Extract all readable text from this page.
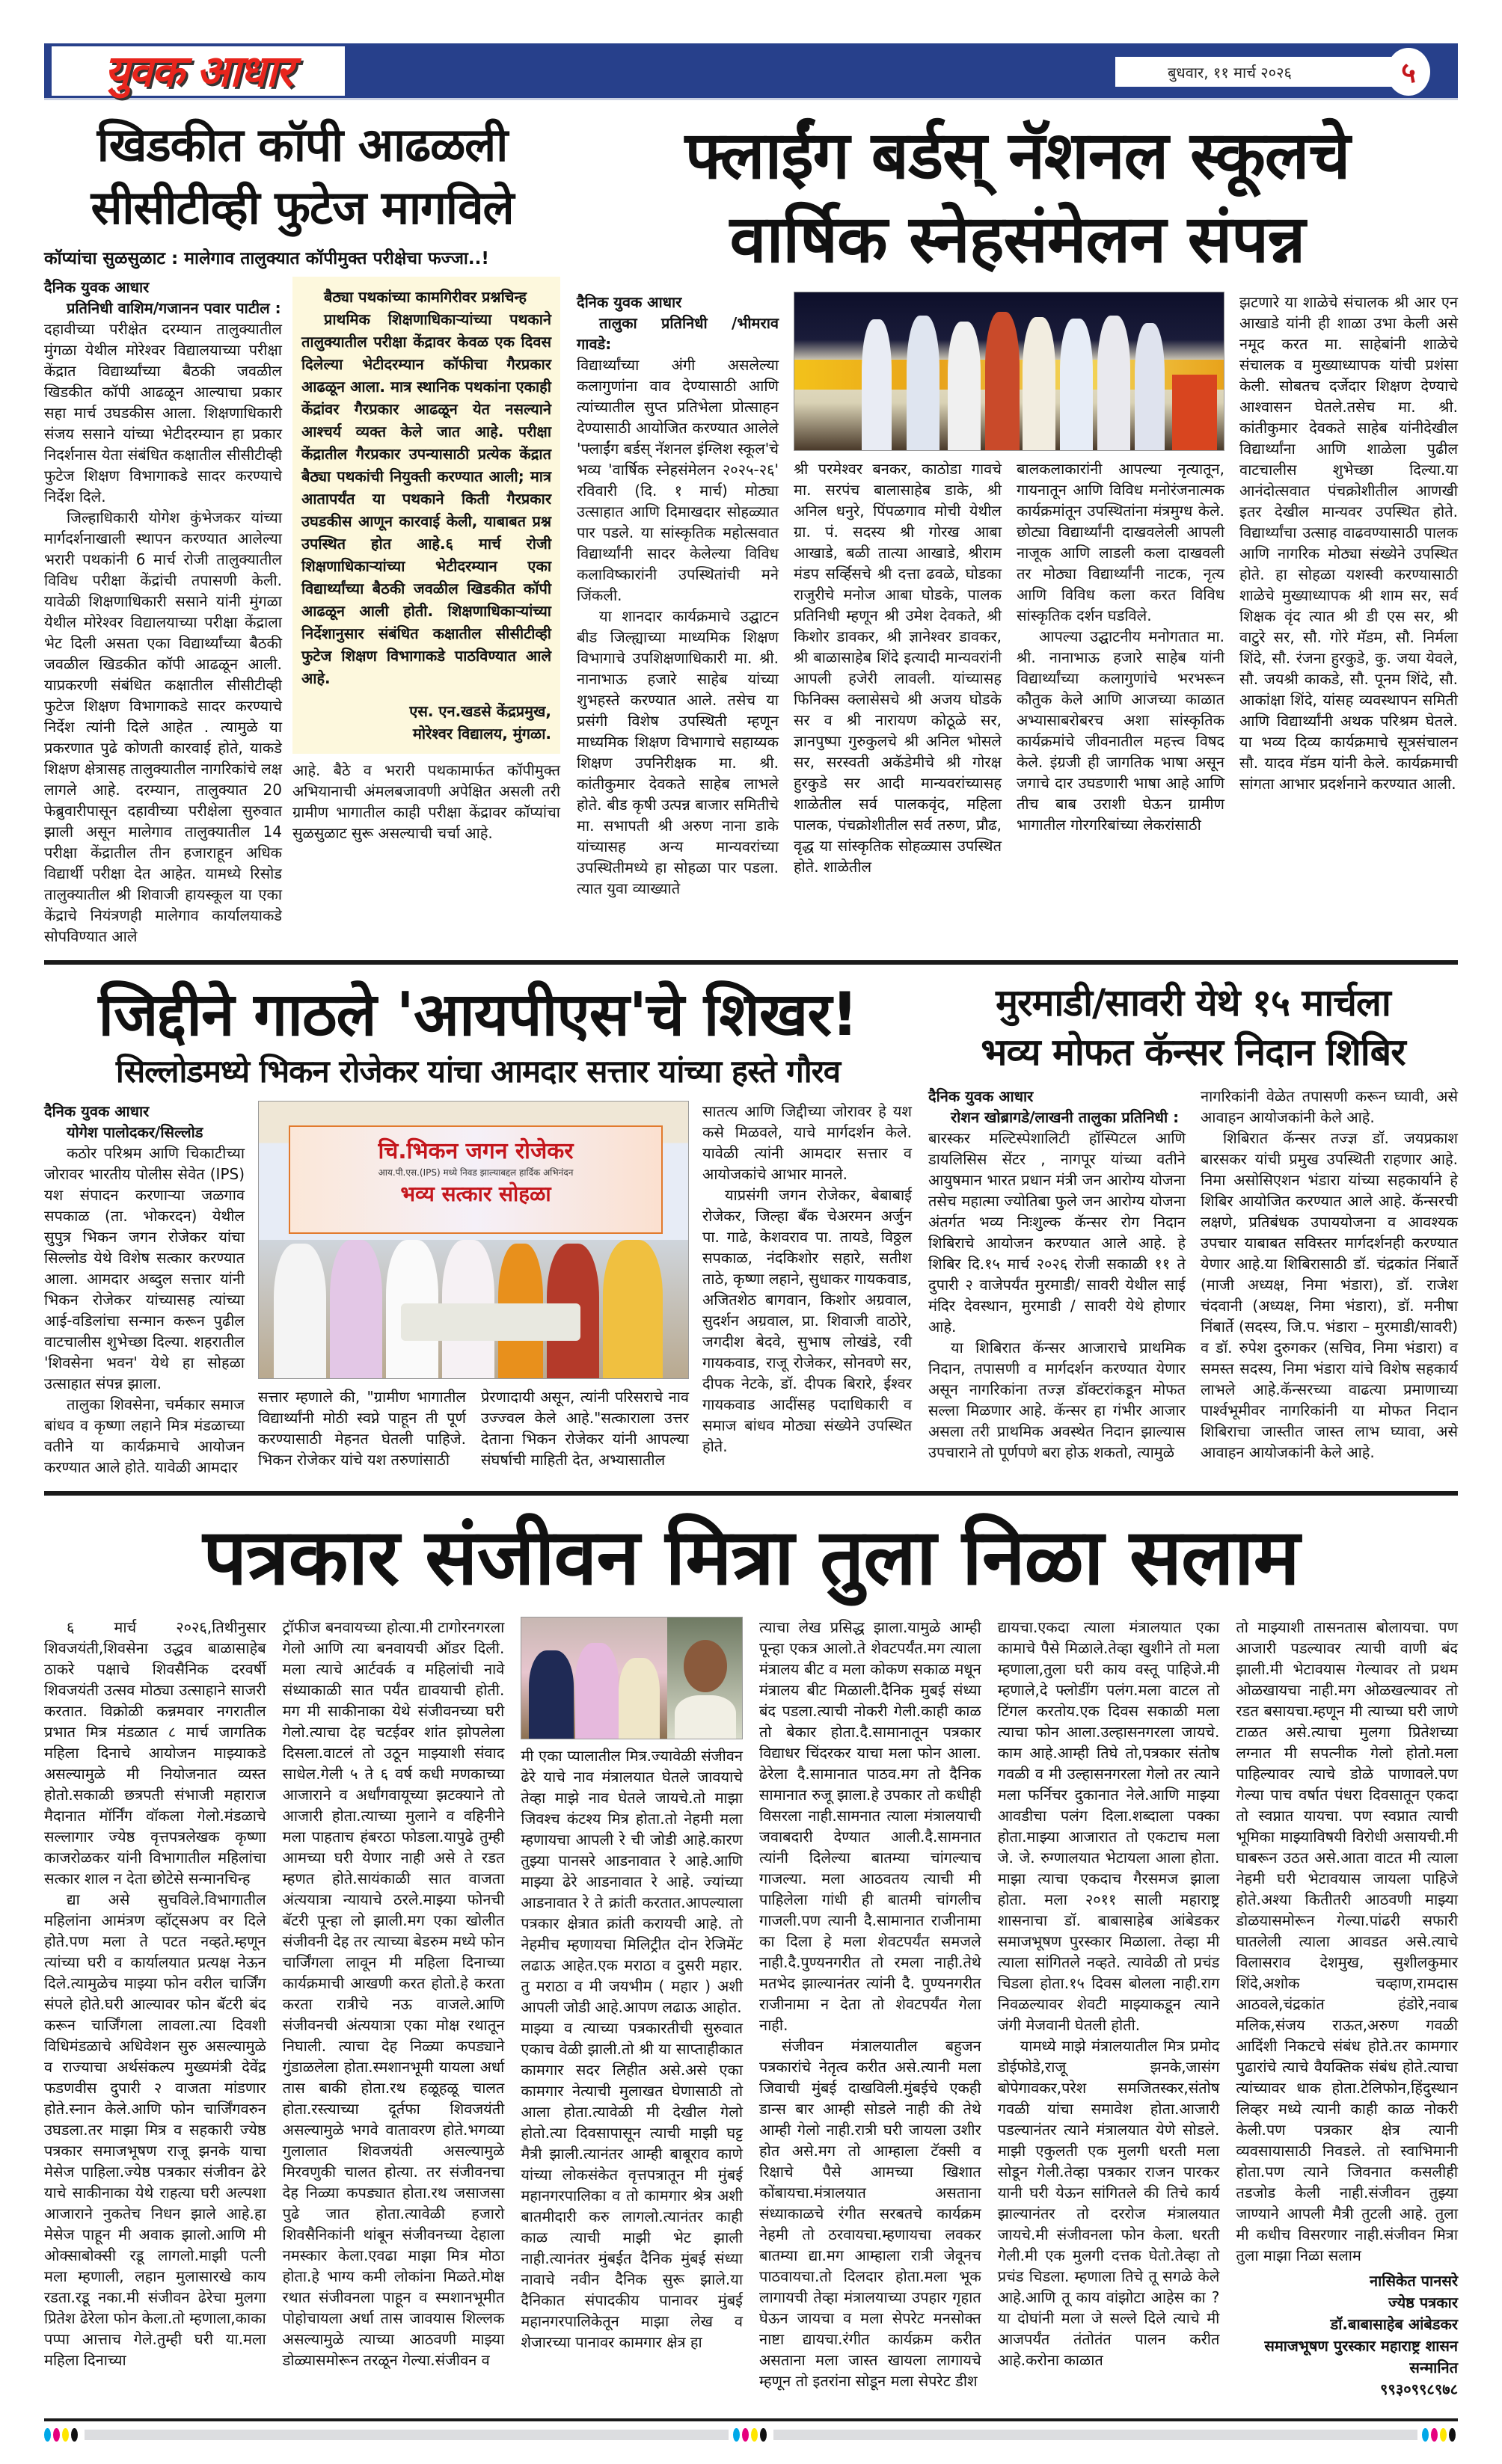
युवक आधार	बुधवार, ११ मार्च २०२६	५
खिडकीत कॉपी आढळली
सीसीटीव्ही फुटेज मागविले
कॉप्यांचा सुळसुळाट : मालेगाव तालुक्यात कॉपीमुक्त परीक्षेचा फज्जा..!

दैनिक युवक आधार

प्रतिनिधी वाशिम/गजानन पवार पाटील :

दहावीच्या परीक्षेत दरम्यान तालुक्यातील मुंगळा येथील मोरेश्वर विद्यालयाच्या परीक्षा केंद्रात विद्यार्थ्यांच्या बैठकी जवळील खिडकीत कॉपी आढळून आल्याचा प्रकार सहा मार्च उघडकीस आला. शिक्षणाधिकारी संजय ससाने यांच्या भेटीदरम्यान हा प्रकार निदर्शनास येता संबंधित कक्षातील सीसीटीव्ही फुटेज शिक्षण विभागाकडे सादर करण्याचे निर्देश दिले.

जिल्हाधिकारी योगेश कुंभेजकर यांच्या मार्गदर्शनाखाली स्थापन करण्यात आलेल्या भरारी पथकांनी 6 मार्च रोजी तालुक्यातील विविध परीक्षा केंद्रांची तपासणी केली. यावेळी शिक्षणाधिकारी ससाने यांनी मुंगळा येथील मोरेश्वर विद्यालयाच्या परीक्षा केंद्राला भेट दिली असता एका विद्यार्थ्यांच्या बैठकी जवळील खिडकीत कॉपी आढळून आली. याप्रकरणी संबंधित कक्षातील सीसीटीव्ही फुटेज शिक्षण विभागाकडे सादर करण्याचे निर्देश त्यांनी दिले आहेत . त्यामुळे या प्रकरणात पुढे कोणती कारवाई होते, याकडे शिक्षण क्षेत्रासह तालुक्यातील नागरिकांचे लक्ष लागले आहे. दरम्यान, तालुक्यात 20 फेब्रुवारीपासून दहावीच्या परीक्षेला सुरुवात झाली असून मालेगाव तालुक्यातील 14 परीक्षा केंद्रातील तीन हजाराहून अधिक विद्यार्थी परीक्षा देत आहेत. यामध्ये रिसोड तालुक्यातील श्री शिवाजी हायस्कूल या एका केंद्राचे नियंत्रणही मालेगाव कार्यालयाकडे सोपविण्यात आले

बैठ्या पथकांच्या कामगिरीवर प्रश्नचिन्ह

प्राथमिक शिक्षणाधिकाऱ्यांच्या पथकाने तालुक्यातील परीक्षा केंद्रावर केवळ एक दिवस दिलेल्या भेटीदरम्यान कॉफीचा गैरप्रकार आढळून आला. मात्र स्थानिक पथकांना एकाही केंद्रांवर गैरप्रकार आढळून येत नसल्याने आश्चर्य व्यक्त केले जात आहे. परीक्षा केंद्रातील गैरप्रकार उपन्यासाठी प्रत्येक केंद्रात बैठ्या पथकांची नियुक्ती करण्यात आली; मात्र आतापर्यंत या पथकाने किती गैरप्रकार उघडकीस आणून कारवाई केली, याबाबत प्रश्न उपस्थित होत आहे.६ मार्च रोजी शिक्षणाधिकाऱ्यांच्या भेटीदरम्यान एका विद्यार्थ्यांच्या बैठकी जवळील खिडकीत कॉपी आढळून आली होती. शिक्षणाधिकाऱ्यांच्या निर्देशानुसार संबंधित कक्षातील सीसीटीव्ही फुटेज शिक्षण विभागाकडे पाठविण्यात आले आहे.

एस. एन.खडसे केंद्रप्रमुख,
मोरेश्वर विद्यालय, मुंगळा.

आहे. बैठे व भरारी पथकामार्फत कॉपीमुक्त अभियानाची अंमलबजावणी अपेक्षित असली तरी ग्रामीण भागातील काही परीक्षा केंद्रावर कॉप्यांचा सुळसुळाट सुरू असल्याची चर्चा आहे.

फ्लाईंग बर्डस् नॅशनल स्कूलचे
वार्षिक स्नेहसंमेलन संपन्न

दैनिक युवक आधार

तालुका प्रतिनिधी /भीमराव गावडे:

विद्यार्थ्यांच्या अंगी असलेल्या कलागुणांना वाव देण्यासाठी आणि त्यांच्यातील सुप्त प्रतिभेला प्रोत्साहन देण्यासाठी आयोजित करण्यात आलेले 'फ्लाईंग बर्डस् नॅशनल इंग्लिश स्कूल'चे भव्य 'वार्षिक स्नेहसंमेलन २०२५-२६' रविवारी (दि. १ मार्च) मोठ्या उत्साहात आणि दिमाखदार सोहळ्यात पार पडले. या सांस्कृतिक महोत्सवात विद्यार्थ्यांनी सादर केलेल्या विविध कलाविष्कारांनी उपस्थितांची मने जिंकली.

या शानदार कार्यक्रमाचे उद्घाटन बीड जिल्ह्याच्या माध्यमिक शिक्षण विभागाचे उपशिक्षणाधिकारी मा. श्री. नानाभाऊ हजारे साहेब यांच्या शुभहस्ते करण्यात आले. तसेच या प्रसंगी विशेष उपस्थिती म्हणून माध्यमिक शिक्षण विभागाचे सहाय्यक शिक्षण उपनिरीक्षक मा. श्री. कांतीकुमार देवकते साहेब लाभले होते. बीड कृषी उत्पन्न बाजार समितीचे मा. सभापती श्री अरुण नाना डाके यांच्यासह अन्य मान्यवरांच्या उपस्थितीमध्ये हा सोहळा पार पडला. त्यात युवा व्याख्याते

श्री परमेश्वर बनकर, काठोडा गावचे मा. सरपंच बालासाहेब डाके, श्री अनिल धनुरे, पिंपळगाव मोची येथील ग्रा. पं. सदस्य श्री गोरख आबा आखाडे, बळी तात्या आखाडे, श्रीराम मंडप सर्व्हिसचे श्री दत्ता ढवळे, घोडका राजुरीचे मनोज आबा घोडके, पालक प्रतिनिधी म्हणून श्री उमेश देवकते, श्री किशोर डावकर, श्री ज्ञानेश्वर डावकर, श्री बाळासाहेब शिंदे इत्यादी मान्यवरांनी आपली हजेरी लावली. यांच्यासह फिनिक्स क्लासेसचे श्री अजय घोडके सर व श्री नारायण कोठूळे सर, ज्ञानपुष्पा गुरुकुलचे श्री अनिल भोसले सर, सरस्वती अकॅडेमीचे श्री गोरक्ष हुरकुडे सर आदी मान्यवरांच्यासह शाळेतील सर्व पालकवृंद, महिला पालक, पंचक्रोशीतील सर्व तरुण, प्रौढ, वृद्ध या सांस्कृतिक सोहळ्यास उपस्थित होते. शाळेतील

बालकलाकारांनी आपल्या नृत्यातून, गायनातून आणि विविध मनोरंजनात्मक कार्यक्रमांतून उपस्थितांना मंत्रमुग्ध केले. छोट्या विद्यार्थ्यांनी दाखवलेली आपली नाजूक आणि लाडली कला दाखवली तर मोठ्या विद्यार्थ्यांनी नाटक, नृत्य आणि विविध कला करत विविध सांस्कृतिक दर्शन घडविले.

आपल्या उद्घाटनीय मनोगतात मा. श्री. नानाभाऊ हजारे साहेब यांनी विद्यार्थ्यांच्या कलागुणांचे भरभरून कौतुक केले आणि आजच्या काळात अभ्यासाबरोबरच अशा सांस्कृतिक कार्यक्रमांचे जीवनातील महत्त्व विषद केले. इंग्रजी ही जागतिक भाषा असून जगाचे दार उघडणारी भाषा आहे आणि तीच बाब उराशी घेऊन ग्रामीण भागातील गोरगरिबांच्या लेकरांसाठी

झटणारे या शाळेचे संचालक श्री आर एन आखाडे यांनी ही शाळा उभा केली असे नमूद करत मा. साहेबांनी शाळेचे संचालक व मुख्याध्यापक यांची प्रशंसा केली. सोबतच दर्जेदार शिक्षण देण्याचे आश्वासन घेतले.तसेच मा. श्री. कांतीकुमार देवकते साहेब यांनीदेखील विद्यार्थ्यांना आणि शाळेला पुढील वाटचालीस शुभेच्छा दिल्या.या आनंदोत्सवात पंचक्रोशीतील आणखी इतर देखील मान्यवर उपस्थित होते. विद्यार्थ्यांचा उत्साह वाढवण्यासाठी पालक आणि नागरिक मोठ्या संख्येने उपस्थित होते. हा सोहळा यशस्वी करण्यासाठी शाळेचे मुख्याध्यापक श्री शाम सर, सर्व शिक्षक वृंद त्यात श्री डी एस सर, श्री वाटुरे सर, सौ. गोरे मॅडम, सौ. निर्मला शिंदे, सौ. रंजना हुरकुडे, कु. जया येवले, सौ. जयश्री काकडे, सौ. पूनम शिंदे, सौ. आकांक्षा शिंदे, यांसह व्यवस्थापन समिती आणि विद्यार्थ्यांनी अथक परिश्रम घेतले. या भव्य दिव्य कार्यक्रमाचे सूत्रसंचालन सौ. यादव मॅडम यांनी केले. कार्यक्रमाची सांगता आभार प्रदर्शनाने करण्यात आली.

जिद्दीने गाठले 'आयपीएस'चे शिखर!
सिल्लोडमध्ये भिकन रोजेकर यांचा आमदार सत्तार यांच्या हस्ते गौरव

दैनिक युवक आधार

योगेश पालोदकर/सिल्लोड

कठोर परिश्रम आणि चिकाटीच्या जोरावर भारतीय पोलीस सेवेत (IPS) यश संपादन करणाऱ्या जळगाव सपकाळ (ता. भोकरदन) येथील सुपुत्र भिकन जगन रोजेकर यांचा सिल्लोड येथे विशेष सत्कार करण्यात आला. आमदार अब्दुल सत्तार यांनी भिकन रोजेकर यांच्यासह त्यांच्या आई-वडिलांचा सन्मान करून पुढील वाटचालीस शुभेच्छा दिल्या. शहरातील 'शिवसेना भवन' येथे हा सोहळा उत्साहात संपन्न झाला.

तालुका शिवसेना, चर्मकार समाज बांधव व कृष्णा लहाने मित्र मंडळाच्या वतीने या कार्यक्रमाचे आयोजन करण्यात आले होते. यावेळी आमदार

चि.भिकन जगन रोजेकर
आय.पी.एस.(IPS) मध्ये निवड झाल्याबद्दल हार्दिक अभिनंदन
भव्य सत्कार सोहळा

सत्तार म्हणाले की, "ग्रामीण भागातील विद्यार्थ्यांनी मोठी स्वप्ने पाहून ती पूर्ण करण्यासाठी मेहनत घेतली पाहिजे. भिकन रोजेकर यांचे यश तरुणांसाठी

प्रेरणादायी असून, त्यांनी परिसराचे नाव उज्ज्वल केले आहे."सत्काराला उत्तर देताना भिकन रोजेकर यांनी आपल्या संघर्षाची माहिती देत, अभ्यासातील

सातत्य आणि जिद्दीच्या जोरावर हे यश कसे मिळवले, याचे मार्गदर्शन केले. यावेळी त्यांनी आमदार सत्तार व आयोजकांचे आभार मानले.

याप्रसंगी जगन रोजेकर, बेबाबाई रोजेकर, जिल्हा बँक चेअरमन अर्जुन पा. गाढे, केशवराव पा. तायडे, विठ्ठल सपकाळ, नंदकिशोर सहारे, सतीश ताठे, कृष्णा लहाने, सुधाकर गायकवाड, अजितशेठ बागवान, किशोर अग्रवाल, सुदर्शन अग्रवाल, प्रा. शिवाजी वाठोरे, जगदीश बेदवे, सुभाष लोखंडे, रवी गायकवाड, राजू रोजेकर, सोनवणे सर, दीपक नेटके, डॉ. दीपक बिरारे, ईश्वर गायकवाड आदींसह पदाधिकारी व समाज बांधव मोठ्या संख्येने उपस्थित होते.

मुरमाडी/सावरी येथे १५ मार्चला
भव्य मोफत कॅन्सर निदान शिबिर

दैनिक युवक आधार

रोशन खोब्रागडे/लाखनी तालुका प्रतिनिधी :

बारस्कर मल्टिस्पेशालिटी हॉस्पिटल आणि डायलिसिस सेंटर , नागपूर यांच्या वतीने आयुषमान भारत प्रधान मंत्री जन आरोग्य योजना तसेच महात्मा ज्योतिबा फुले जन आरोग्य योजना अंतर्गत भव्य निःशुल्क कॅन्सर रोग निदान शिबिराचे आयोजन करण्यात आले आहे. हे शिबिर दि.१५ मार्च २०२६ रोजी सकाळी ११ ते दुपारी २ वाजेपर्यंत मुरमाडी/ सावरी येथील साई मंदिर देवस्थान, मुरमाडी / सावरी येथे होणार आहे.

या शिबिरात कॅन्सर आजाराचे प्राथमिक निदान, तपासणी व मार्गदर्शन करण्यात येणार असून नागरिकांना तज्ज्ञ डॉक्टरांकडून मोफत सल्ला मिळणार आहे. कॅन्सर हा गंभीर आजार असला तरी प्राथमिक अवस्थेत निदान झाल्यास उपचाराने तो पूर्णपणे बरा होऊ शकतो, त्यामुळे

नागरिकांनी वेळेत तपासणी करून घ्यावी, असे आवाहन आयोजकांनी केले आहे.

शिबिरात कॅन्सर तज्ज्ञ डॉ. जयप्रकाश बारसकर यांची प्रमुख उपस्थिती राहणार आहे. निमा असोसिएशन भंडारा यांच्या सहकार्याने हे शिबिर आयोजित करण्यात आले आहे. कॅन्सरची लक्षणे, प्रतिबंधक उपाययोजना व आवश्यक उपचार याबाबत सविस्तर मार्गदर्शनही करण्यात येणार आहे.या शिबिरासाठी डॉ. चंद्रकांत निंबार्ते (माजी अध्यक्ष, निमा भंडारा), डॉ. राजेश चंदवानी (अध्यक्ष, निमा भंडारा), डॉ. मनीषा निंबार्ते (सदस्य, जि.प. भंडारा – मुरमाडी/सावरी) व डॉ. रुपेश दुरुगकर (सचिव, निमा भंडारा) व समस्त सदस्य, निमा भंडारा यांचे विशेष सहकार्य लाभले आहे.कॅन्सरच्या वाढत्या प्रमाणाच्या पार्श्वभूमीवर नागरिकांनी या मोफत निदान शिबिराचा जास्तीत जास्त लाभ घ्यावा, असे आवाहन आयोजकांनी केले आहे.

पत्रकार संजीवन मित्रा तुला निळा सलाम

६ मार्च २०२६,तिथीनुसार शिवजयंती,शिवसेना उद्धव बाळासाहेब ठाकरे पक्षाचे शिवसैनिक दरवर्षी शिवजयंती उत्सव मोठ्या उत्साहाने साजरी करतात. विक्रोळी कन्नमवार नगरातील प्रभात मित्र मंडळात ८ मार्च जागतिक महिला दिनाचे आयोजन माझ्याकडे असल्यामुळे मी नियोजनात व्यस्त होतो.सकाळी छत्रपती संभाजी महाराज मैदानात मॉर्निंग वॉकला गेलो.मंडळाचे सल्लागार ज्येष्ठ वृत्तपत्रलेखक कृष्णा काजरोळकर यांनी विभागातील महिलांचा सत्कार शाल न देता छोटेसे सन्मानचिन्ह

द्या असे सुचविले.विभागातील महिलांना आमंत्रण व्हॉट्सअप वर दिले होते.पण मला ते पटत नव्हते.म्हणून त्यांच्या घरी व कार्यालयात प्रत्यक्ष नेऊन दिले.त्यामुळेच माझ्या फोन वरील चार्जिंग संपले होते.घरी आल्यावर फोन बॅटरी बंद करून चार्जिंगला लावला.त्या दिवशी विधिमंडळाचे अधिवेशन सुरु असल्यामुळे व राज्याचा अर्थसंकल्प मुख्यमंत्री देवेंद्र फडणवीस दुपारी २ वाजता मांडणार होते.स्नान केले.आणि फोन चार्जिंगवरुन उघडला.तर माझा मित्र व सहकारी ज्येष्ठ पत्रकार समाजभूषण राजू झनके याचा मेसेज पाहिला.ज्येष्ठ पत्रकार संजीवन ढेरे याचे साकीनाका येथे राहत्या घरी अल्पशा आजाराने नुकतेच निधन झाले आहे.हा मेसेज पाहून मी अवाक झालो.आणि मी ओक्साबोक्सी रडू लागलो.माझी पत्नी मला म्हणाली, लहान मुलासारखे काय रडता.रडू नका.मी संजीवन ढेरेचा मुलगा प्रितेश ढेरेला फोन केला.तो म्हणाला,काका पप्पा आत्ताच गेले.तुम्ही घरी या.मला महिला दिनाच्या

ट्रॉफीज बनवायच्या होत्या.मी टागोरनगरला गेलो आणि त्या बनवायची ऑडर दिली. मला त्याचे आर्टवर्क व महिलांची नावे संध्याकाळी सात पर्यंत द्यावयाची होती. मग मी साकीनाका येथे संजीवनच्या घरी गेलो.त्याचा देह चटईवर शांत झोपलेला दिसला.वाटलं तो उठून माझ्याशी संवाद साधेल.गेली ५ ते ६ वर्ष कधी मणकाच्या आजाराने व अर्धांगवायूच्या झटक्याने तो आजारी होता.त्याच्या मुलाने व वहिनीने मला पाहताच हंबरठा फोडला.यापुढे तुम्ही आमच्या घरी येणार नाही असे ते रडत म्हणत होते.सायंकाळी सात वाजता अंत्ययात्रा न्यायाचे ठरले.माझ्या फोनची बॅटरी पून्हा लो झाली.मग एका खोलीत संजीवनी देह तर त्याच्या बेडरुम मध्ये फोन चार्जिंगला लावून मी महिला दिनाच्या कार्यक्रमाची आखणी करत होतो.हे करता करता रात्रीचे नऊ वाजले.आणि संजीवनची अंत्ययात्रा एका मोक्ष रथातून निघाली. त्याचा देह निळ्या कपड्याने गुंडाळलेला होता.स्मशानभूमी यायला अर्धा तास बाकी होता.रथ हळूहळू चालत होता.रस्त्याच्या दूर्तफा शिवजयंती असल्यामुळे भगवे वातावरण होते.भगव्या गुलालात शिवजयंती असल्यामुळे मिरवणुकी चालत होत्या. तर संजीवनचा देह निळ्या कपड्यात होता.रथ जसाजसा पुढे जात होता.त्यावेळी हजारो शिवसैनिकांनी थांबून संजीवनच्या देहाला नमस्कार केला.एवढा माझा मित्र मोठा होता.हे भाग्य कमी लोकांना मिळते.मोक्ष रथात संजीवनला पाहून व स्मशानभूमीत पोहोचायला अर्धा तास जावयास शिल्लक असल्यामुळे त्याच्या आठवणी माझ्या डोळ्यासमोरून तरळून गेल्या.संजीवन व

मी एका प्यालातील मित्र.ज्यावेळी संजीवन ढेरे याचे नाव मंत्रालयात घेतले जावयाचे तेव्हा माझे नाव घेतले जायचे.तो माझा जिवश्च कंटश्य मित्र होता.तो नेहमी मला म्हणायचा आपली रे ची जोडी आहे.कारण तुझ्या पानसरे आडनावात रे आहे.आणि माझ्या ढेरे आडनावात रे आहे. ज्यांच्या आडनावात रे ते क्रांती करतात.आपल्याला पत्रकार क्षेत्रात क्रांती करायची आहे. तो नेहमीच म्हणायचा मिलिट्रीत दोन रेजिमेंट लढाऊ आहेत.एक मराठा व दुसरी महार. तु मराठा व मी जयभीम ( महार ) अशी आपली जोडी आहे.आपण लढाऊ आहोत.

माझ्या व त्याच्या पत्रकारतीची सुरुवात एकाच वेळी झाली.तो श्री या साप्ताहीकात कामगार सदर लिहीत असे.असे एका कामगार नेत्याची मुलाखत घेणासाठी तो आला होता.त्यावेळी मी देखील गेलो होतो.त्या दिवसापासून त्याची माझी घट्ट मैत्री झाली.त्यानंतर आम्ही बाबूराव काणे यांच्या लोकसंकेत वृत्तपत्रातून मी मुंबई महानगरपालिका व तो कामगार श्रेत्र अशी बातमीदारी करु लागलो.त्यानंतर काही काळ त्याची माझी भेट झाली नाही.त्यानंतर मुंबईत दैनिक मुंबई संध्या नावाचे नवीन दैनिक सुरू झाले.या दैनिकात संपादकीय पानावर मुंबई महानगरपालिकेतून माझा लेख व शेजारच्या पानावर कामगार क्षेत्र हा

त्याचा लेख प्रसिद्ध झाला.यामुळे आम्ही पून्हा एकत्र आलो.ते शेवटपर्यंत.मग त्याला मंत्रालय बीट व मला कोकण सकाळ मधून मंत्रालय बीट मिळाली.दैनिक मुबई संध्या बंद पडला.त्याची नोकरी गेली.काही काळ तो बेकार होता.दै.सामानातून पत्रकार विद्याधर चिंदरकर याचा मला फोन आला. ढेरेला दै.सामानात पाठव.मग तो दैनिक सामानात रुजू झाला.हे उपकार तो कधीही विसरला नाही.सामनात त्याला मंत्रालयाची जवाबदारी देण्यात आली.दै.सामनात त्यांनी दिलेल्या बातम्या चांगल्याच गाजल्या. मला आठवतय त्याची मी पाहिलेला गांधी ही बातमी चांगलीच गाजली.पण त्यानी दै.सामानात राजीनामा का दिला हे मला शेवटपर्यंत समजले नाही.दै.पुण्यनगरीत तो रमला नाही.तेथे मतभेद झाल्यानंतर त्यांनी दै. पुण्यनगरीत राजीनामा न देता तो शेवटपर्यंत गेला नाही.

संजीवन मंत्रालयातील बहुजन पत्रकारांचे नेतृत्व करीत असे.त्यानी मला जिवाची मुंबई दाखविली.मुंबईचे एकही डान्स बार आम्ही सोडले नाही की तेथे आम्ही गेलो नाही.रात्री घरी जायला उशीर होत असे.मग तो आम्हाला टॅक्सी व रिक्षाचे पैसे आमच्या खिशात कोंबायचा.मंत्रालयात असताना संध्याकाळचे रंगीत सरबतचे कार्यक्रम नेहमी तो ठरवायचा.म्हणायचा लवकर बातम्या द्या.मग आम्हाला रात्री जेवूनच पाठवायचा.तो दिलदार होता.मला भूक लागायची तेव्हा मंत्रालयाच्या उपहार गृहात घेऊन जायचा व मला सेपरेट मनसोक्त नाष्टा द्यायचा.रंगीत कार्यक्रम करीत असताना मला जास्त खायला लागायचे म्हणून तो इतरांना सोडून मला सेपरेट डीश

द्यायचा.एकदा त्याला मंत्रालयात एका कामाचे पैसे मिळाले.तेव्हा खुशीने तो मला म्हणाला,तुला घरी काय वस्तू पाहिजे.मी म्हणाले,दे फ्लोडींग पलंग.मला वाटल तो टिंगल करतोय.एक दिवस सकाळी मला त्याचा फोन आला.उल्हासनगरला जायचे. काम आहे.आम्ही तिघे तो,पत्रकार संतोष गवळी व मी उल्हासनगरला गेलो तर त्याने मला फर्निचर दुकानात नेले.आणि माझ्या आवडीचा पलंग दिला.शब्दाला पक्का होता.माझ्या आजारात तो एकटाच मला जे. जे. रुग्णालयात भेटायला आला होता. माझा त्याचा एकदाच गैरसमज झाला होता. मला २०११ साली महाराष्ट्र शासनाचा डॉ. बाबासाहेब आंबेडकर समाजभूषण पुरस्कार मिळाला. तेव्हा मी त्याला सांगितले नव्हते. त्यावेळी तो प्रचंड चिडला होता.१५ दिवस बोलला नाही.राग निवळल्यावर शेवटी माझ्याकडून त्याने जंगी मेजवानी घेतली होती.

यामध्ये माझे मंत्रालयातील मित्र प्रमोद डोईफोडे,राजू झनके,जासंग बोपेगावकर,परेश समजितस्कर,संतोष गवळी यांचा समावेश होता.आजारी पडल्यानंतर त्याने मंत्रालयात येणे सोडले. माझी एकुलती एक मुलगी धरती मला सोडून गेली.तेव्हा पत्रकार राजन पारकर यानी घरी येऊन सांगितले की तिचे कार्य झाल्यानंतर तो दररोज मंत्रालयात जायचे.मी संजीवनला फोन केला. धरती गेली.मी एक मुलगी दत्तक घेतो.तेव्हा तो प्रचंड चिडला. म्हणाला तिचे तू सगळे केले आहे.आणि तू काय वांझोटा आहेस का ? या दोघांनी मला जे सल्ले दिले त्याचे मी आजपर्यंत तंतोतंत पालन करीत आहे.करोना काळात

तो माझ्याशी तासनतास बोलायचा. पण आजारी पडल्यावर त्याची वाणी बंद झाली.मी भेटावयास गेल्यावर तो प्रथम ओळखायचा नाही.मग ओळखल्यावर तो रडत बसायचा.म्हणून मी त्याच्या घरी जाणे टाळत असे.त्याचा मुलगा प्रितेशच्या लग्नात मी सपत्नीक गेलो होतो.मला पाहिल्यावर त्याचे डोळे पाणावले.पण गेल्या पाच वर्षात पंधरा दिवसातून एकदा तो स्वप्नात यायचा. पण स्वप्नात त्याची भूमिका माझ्याविषयी विरोधी असायची.मी घाबरून उठत असे.आता वाटत मी त्याला नेहमी घरी भेटावयास जायला पाहिजे होते.अश्या कितीतरी आठवणी माझ्या डोळयासमोरून गेल्या.पांढरी सफारी घातलेली त्याला आवडत असे.त्याचे विलासराव देशमुख, सुशीलकुमार शिंदे,अशोक चव्हाण,रामदास आठवले,चंद्रकांत हंडोरे,नवाब मलिक,संजय राऊत,अरुण गवळी आदिंशी निकटचे संबंध होते.तर कामगार पुढारांचे त्याचे वैयक्तिक संबंध होते.त्याचा त्यांच्यावर धाक होता.टेलिफोन,हिंदुस्थान लिव्हर मध्ये त्यानी काही काळ नोकरी केली.पण पत्रकार क्षेत्र त्यानी व्यवसायासाठी निवडले. तो स्वाभिमानी होता.पण त्याने जिवनात कसलीही तडजोड केली नाही.संजीवन तुझ्या जाण्याने आपली मैत्री तुटली आहे. तुला मी कधीच विसरणार नाही.संजीवन मित्रा तुला माझा निळा सलाम

नासिकेत पानसरे
ज्येष्ठ पत्रकार
डॉ.बाबासाहेब आंबेडकर
समाजभूषण पुरस्कार महाराष्ट्र शासन
सन्मानित
९९३०९९८९७८
